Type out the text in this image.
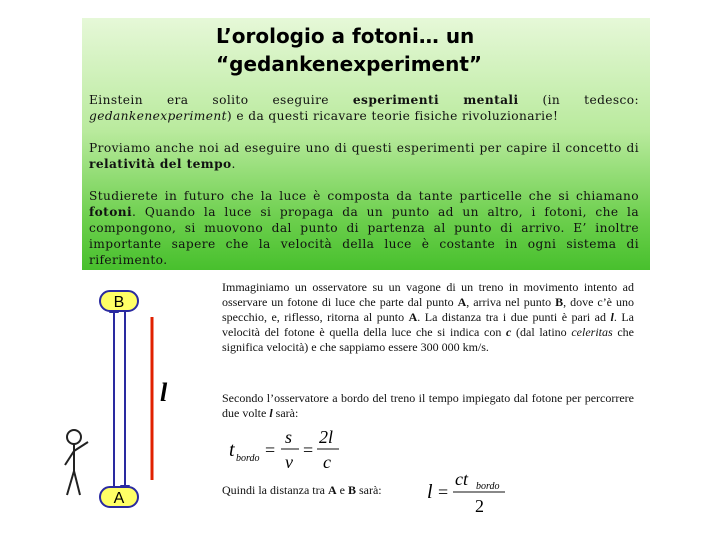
L’orologio a fotoni… un
“gedankenexperiment”
Einstein era solito eseguire esperimenti mentali (in tedesco: gedankenexperiment) e da questi ricavare teorie fisiche rivoluzionarie!
Proviamo anche noi ad eseguire uno di questi esperimenti per capire il concetto di relatività del tempo.
Studierete in futuro che la luce è composta da tante particelle che si chiamano fotoni. Quando la luce si propaga da un punto ad un altro, i fotoni, che la compongono, si muovono dal punto di partenza al punto di arrivo. E’ inoltre importante sapere che la velocità della luce è costante in ogni sistema di riferimento.
B
A
l
Immaginiamo un osservatore su un vagone di un treno in movimento intento ad osservare un fotone di luce che parte dal punto A, arriva nel punto B, dove c’è uno specchio, e, riflesso, ritorna al punto A. La distanza tra i due punti è pari ad l. La velocità del fotone è quella della luce che si indica con c (dal latino celeritas che significa velocità) e che sappiamo essere 300 000 km/s.
Secondo l’osservatore a bordo del treno il tempo impiegato dal fotone per percorrere due volte l sarà:
t bordo =
s
v
=
2l
c
Quindi la distanza tra A e B sarà:	l =
ct bordo
2
